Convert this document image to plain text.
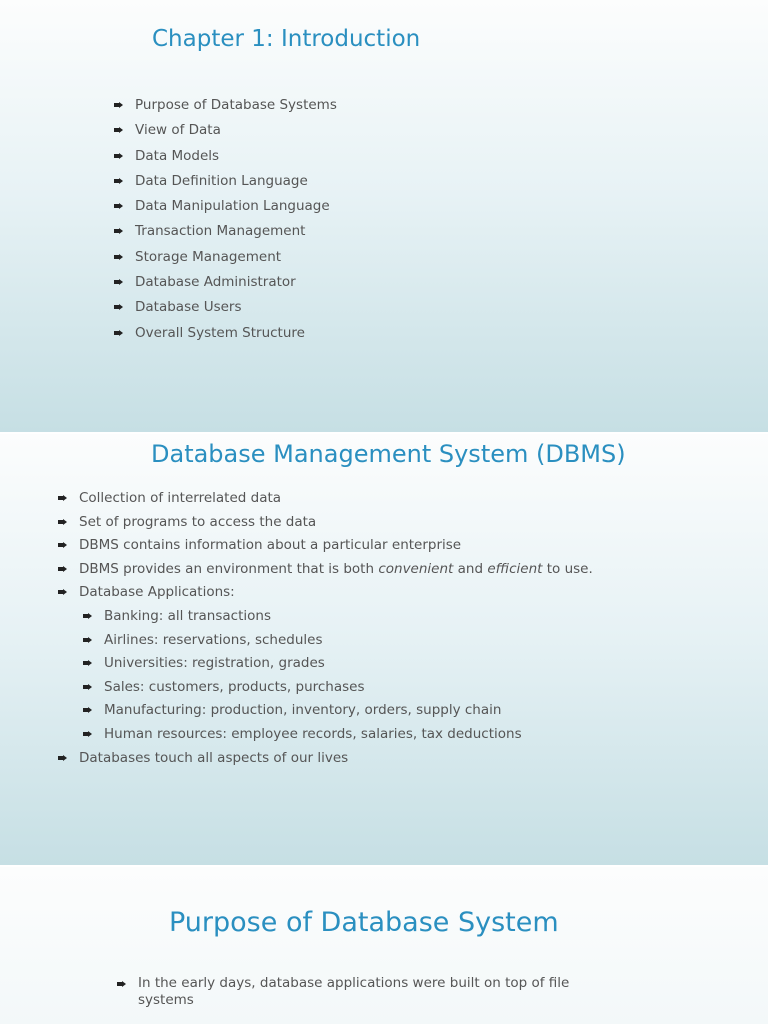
Chapter 1: Introduction
Purpose of Database Systems
View of Data
Data Models
Data Definition Language
Data Manipulation Language
Transaction Management
Storage Management
Database Administrator
Database Users
Overall System Structure
Database Management System (DBMS)
Collection of interrelated data
Set of programs to access the data
DBMS contains information about a particular enterprise
DBMS provides an environment that is both convenient and efficient to use.
Database Applications:
Banking: all transactions
Airlines: reservations, schedules
Universities: registration, grades
Sales: customers, products, purchases
Manufacturing: production, inventory, orders, supply chain
Human resources: employee records, salaries, tax deductions
Databases touch all aspects of our lives
Purpose of Database System
In the early days, database applications were built on top of file systems
